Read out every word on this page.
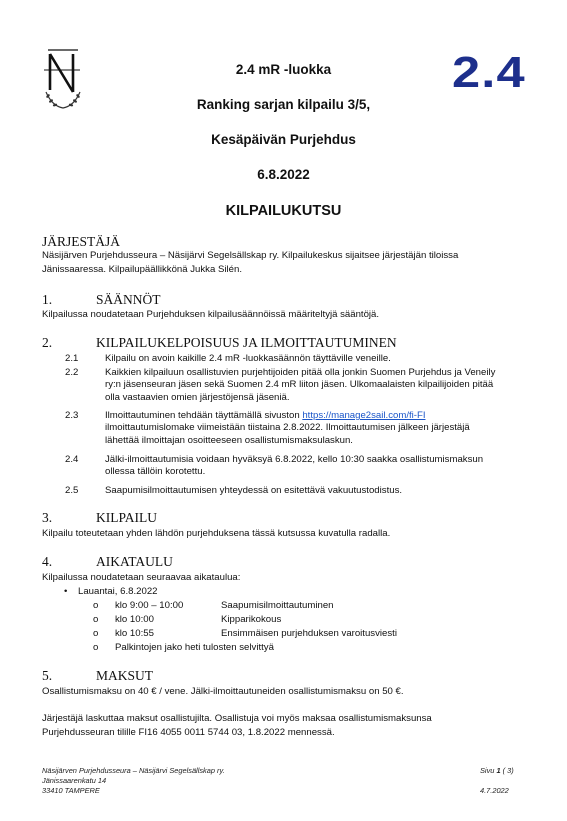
2.4
2.4 mR -luokka
Ranking sarjan kilpailu 3/5,
Kesäpäivän Purjehdus
6.8.2022
KILPAILUKUTSU
JÄRJESTÄJÄ
Näsijärven Purjehdusseura – Näsijärvi Segelsällskap ry. Kilpailukeskus sijaitsee järjestäjän tiloissa
Jänissaaressa. Kilpailupäällikkönä Jukka Silén.
1.	SÄÄNNÖT
Kilpailussa noudatetaan Purjehduksen kilpailusäännöissä määriteltyjä sääntöjä.
2.	KILPAILUKELPOISUUS JA ILMOITTAUTUMINEN
2.1	Kilpailu on avoin kaikille 2.4 mR -luokkasäännön täyttäville veneille.
2.2	Kaikkien kilpailuun osallistuvien purjehtijoiden pitää olla jonkin Suomen Purjehdus ja Veneily
ry:n jäsenseuran jäsen sekä Suomen 2.4 mR liiton jäsen. Ulkomaalaisten kilpailijoiden pitää
olla vastaavien omien järjestöjensä jäseniä.
2.3	Ilmoittautuminen tehdään täyttämällä sivuston https://manage2sail.com/fi-FI
ilmoittautumislomake viimeistään tiistaina 2.8.2022. Ilmoittautumisen jälkeen järjestäjä
lähettää ilmoittajan osoitteeseen osallistumismaksulaskun.
2.4	Jälki-ilmoittautumisia voidaan hyväksyä 6.8.2022, kello 10:30 saakka osallistumismaksun
ollessa tällöin korotettu.
2.5	Saapumisilmoittautumisen yhteydessä on esitettävä vakuutustodistus.
3.	KILPAILU
Kilpailu toteutetaan yhden lähdön purjehduksena tässä kutsussa kuvatulla radalla.
4.	AIKATAULU
Kilpailussa noudatetaan seuraavaa aikataulua:
• Lauantai, 6.8.2022
o klo 9:00 – 10:00	Saapumisilmoittautuminen
o klo 10:00	Kipparikokous
o klo 10:55	Ensimmäisen purjehduksen varoitusviesti
o Palkintojen jako heti tulosten selvittyä
5.	MAKSUT
Osallistumismaksu on 40 € / vene. Jälki-ilmoittautuneiden osallistumismaksu on 50 €.
Järjestäjä laskuttaa maksut osallistujilta. Osallistuja voi myös maksaa osallistumismaksunsa
Purjehdusseuran tilille FI16 4055 0011 5744 03, 1.8.2022 mennessä.
Näsijärven Purjehdusseura – Näsijärvi Segelsällskap ry.
Jänissaarenkatu 14
33410 TAMPERE
Sivu 1 ( 3)
4.7.2022
